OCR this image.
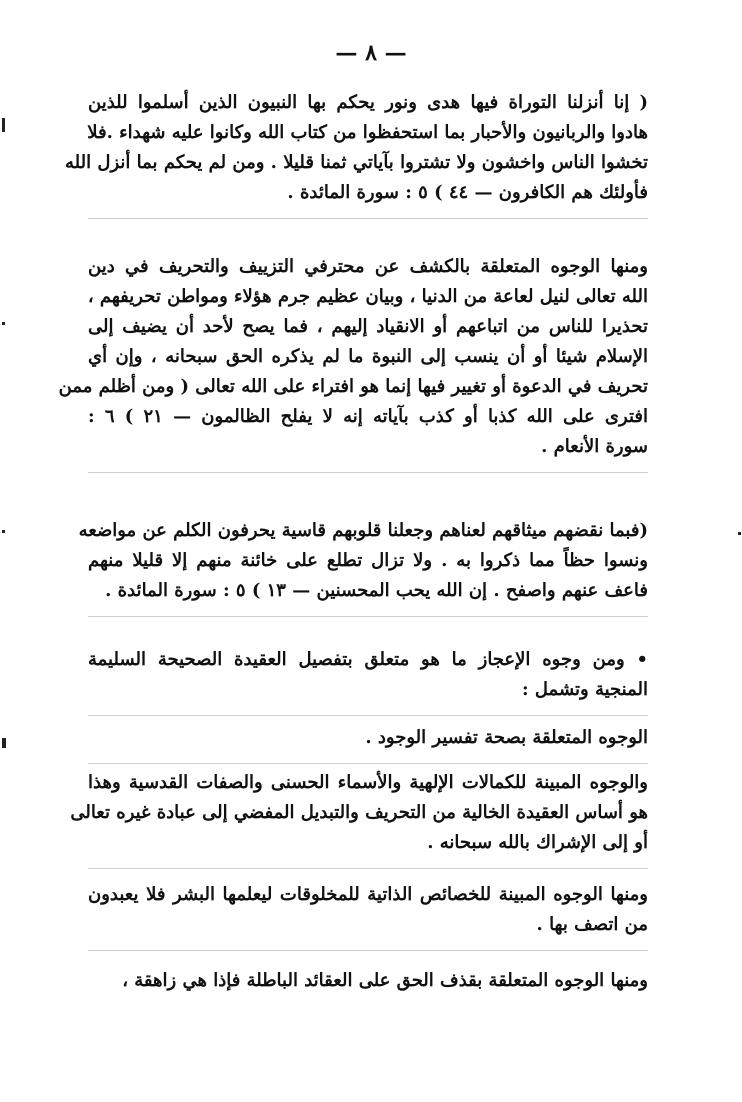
— ٨ —
( إنا أنزلنا التوراة فيها هدى ونور يحكم بها النبيون الذين أسلموا للذين
هادوا والربانيون والأحبار بما استحفظوا من كتاب الله وكانوا عليه شهداء .فلا
تخشوا الناس واخشون ولا تشتروا بآياتي ثمنا قليلا . ومن لم يحكم بما أنزل الله
فأولئك هم الكافرون — ٤٤ ) ٥ : سورة المائدة .
ومنها الوجوه المتعلقة بالكشف عن محترفي التزييف والتحريف في دين
الله تعالى لنيل لعاعة من الدنيا ، وبيان عظيم جرم هؤلاء ومواطن تحريفهم ،
تحذيرا للناس من اتباعهم أو الانقياد إليهم ، فما يصح لأحد أن يضيف إلى
الإسلام شيئا أو أن ينسب إلى النبوة ما لم يذكره الحق سبحانه ، وإن أي
تحريف في الدعوة أو تغيير فيها إنما هو افتراء على الله تعالى ( ومن أظلم ممن
افترى على الله كذبا أو كذب بآياته إنه لا يفلح الظالمون — ٢١ ) ٦ :
سورة الأنعام .
(فبما نقضهم ميثاقهم لعناهم وجعلنا قلوبهم قاسية يحرفون الكلم عن مواضعه
ونسوا حظاً مما ذكروا به . ولا تزال تطلع على خائنة منهم إلا قليلا منهم
فاعف عنهم واصفح . إن الله يحب المحسنين — ١٣ ) ٥ : سورة المائدة .
• ومن وجوه الإعجاز ما هو متعلق بتفصيل العقيدة الصحيحة السليمة
المنجية وتشمل :
الوجوه المتعلقة بصحة تفسير الوجود .
والوجوه المبينة للكمالات الإلهية والأسماء الحسنى والصفات القدسية وهذا
هو أساس العقيدة الخالية من التحريف والتبديل المفضي إلى عبادة غيره تعالى
أو إلى الإشراك بالله سبحانه .
ومنها الوجوه المبينة للخصائص الذاتية للمخلوقات ليعلمها البشر فلا يعبدون
من اتصف بها .
ومنها الوجوه المتعلقة بقذف الحق على العقائد الباطلة فإذا هي زاهقة ،
